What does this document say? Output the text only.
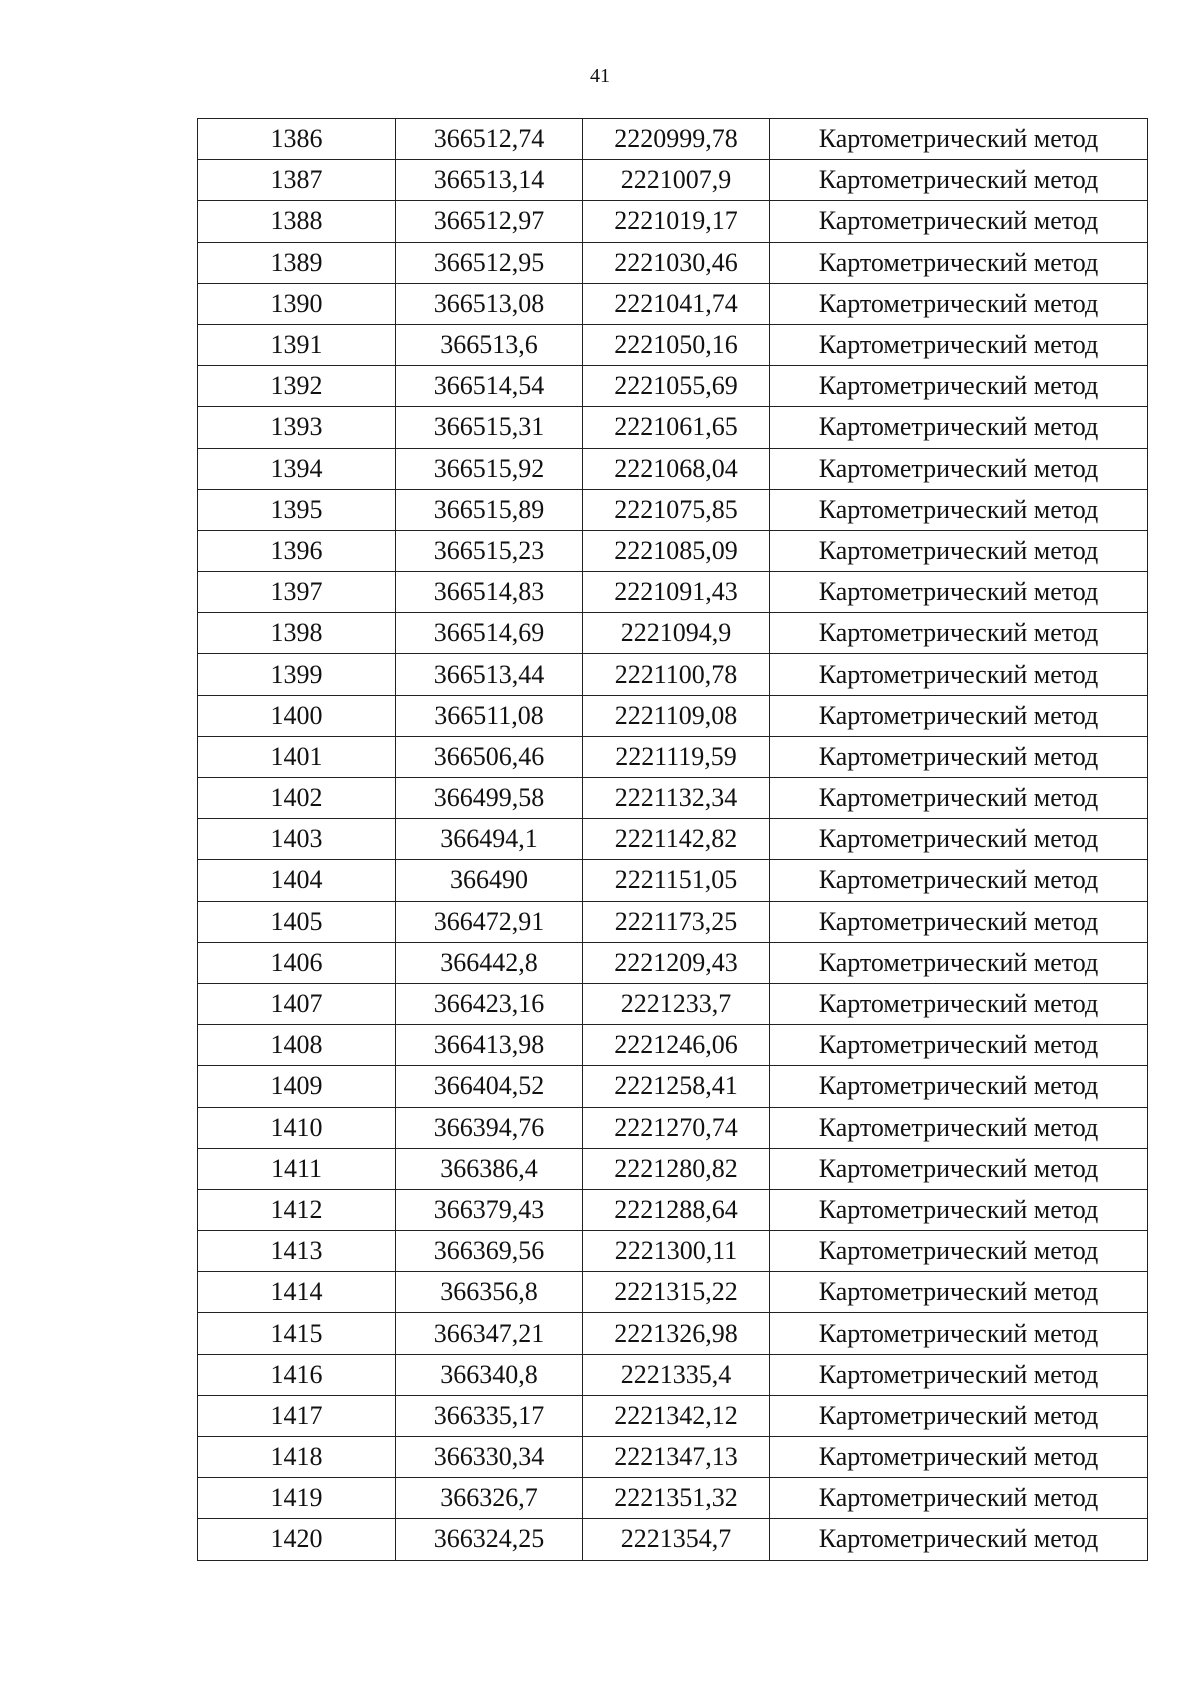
41
1386	366512,74	2220999,78	Картометрический метод
1387	366513,14	2221007,9	Картометрический метод
1388	366512,97	2221019,17	Картометрический метод
1389	366512,95	2221030,46	Картометрический метод
1390	366513,08	2221041,74	Картометрический метод
1391	366513,6	2221050,16	Картометрический метод
1392	366514,54	2221055,69	Картометрический метод
1393	366515,31	2221061,65	Картометрический метод
1394	366515,92	2221068,04	Картометрический метод
1395	366515,89	2221075,85	Картометрический метод
1396	366515,23	2221085,09	Картометрический метод
1397	366514,83	2221091,43	Картометрический метод
1398	366514,69	2221094,9	Картометрический метод
1399	366513,44	2221100,78	Картометрический метод
1400	366511,08	2221109,08	Картометрический метод
1401	366506,46	2221119,59	Картометрический метод
1402	366499,58	2221132,34	Картометрический метод
1403	366494,1	2221142,82	Картометрический метод
1404	366490	2221151,05	Картометрический метод
1405	366472,91	2221173,25	Картометрический метод
1406	366442,8	2221209,43	Картометрический метод
1407	366423,16	2221233,7	Картометрический метод
1408	366413,98	2221246,06	Картометрический метод
1409	366404,52	2221258,41	Картометрический метод
1410	366394,76	2221270,74	Картометрический метод
1411	366386,4	2221280,82	Картометрический метод
1412	366379,43	2221288,64	Картометрический метод
1413	366369,56	2221300,11	Картометрический метод
1414	366356,8	2221315,22	Картометрический метод
1415	366347,21	2221326,98	Картометрический метод
1416	366340,8	2221335,4	Картометрический метод
1417	366335,17	2221342,12	Картометрический метод
1418	366330,34	2221347,13	Картометрический метод
1419	366326,7	2221351,32	Картометрический метод
1420	366324,25	2221354,7	Картометрический метод
